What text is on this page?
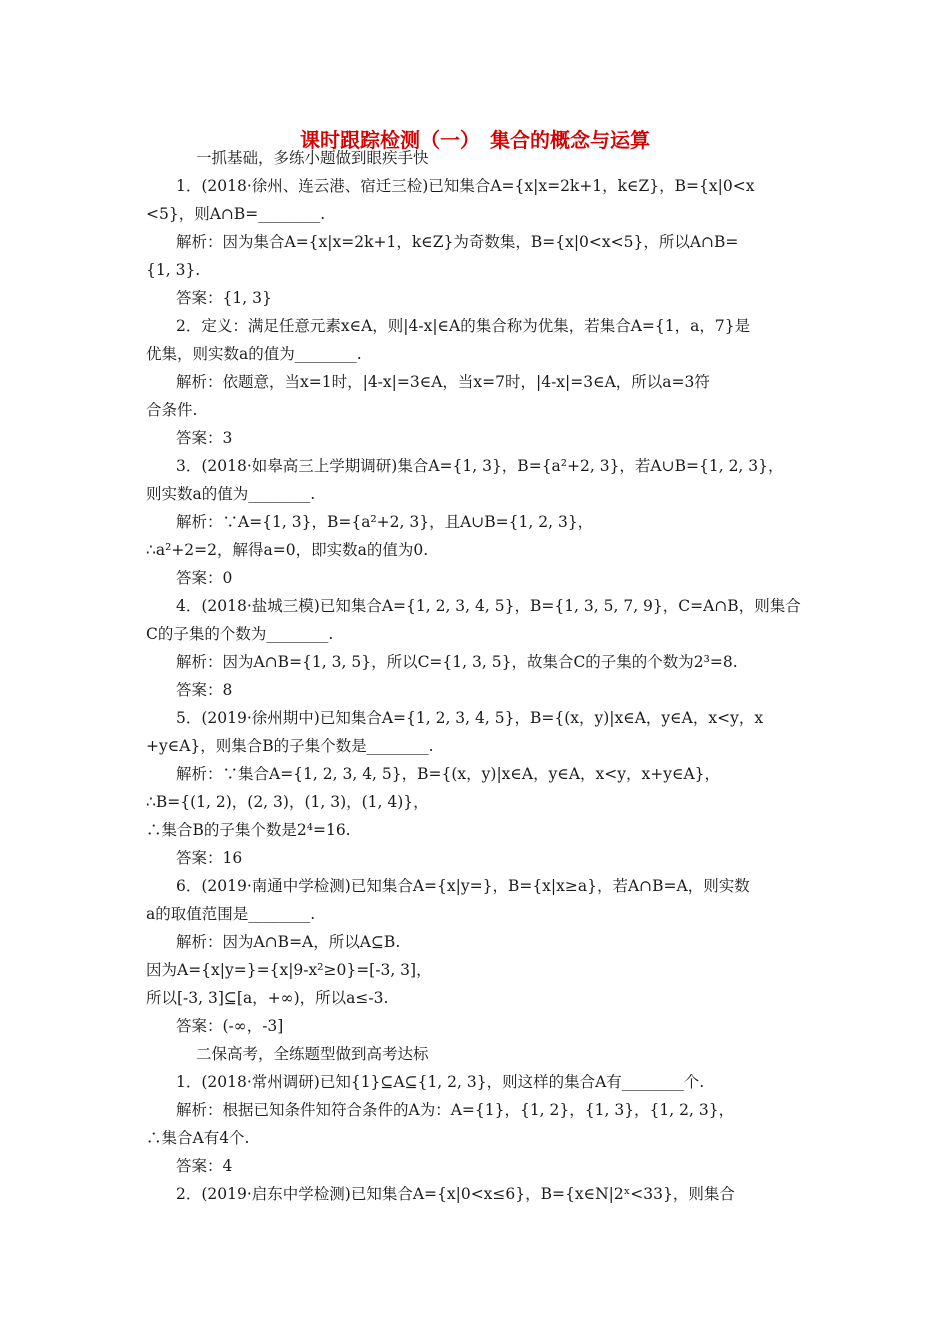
课时跟踪检测（一）　集合的概念与运算
一抓基础，多练小题做到眼疾手快
1．(2018·徐州、连云港、宿迁三检)已知集合A={x|x=2k+1，k∈Z}，B={x|0<x
<5}，则A∩B=________.
解析：因为集合A={x|x=2k+1，k∈Z}为奇数集，B={x|0<x<5}，所以A∩B=
{1, 3}.
答案：{1, 3}
2．定义：满足任意元素x∈A，则|4-x|∈A的集合称为优集，若集合A={1，a，7}是
优集，则实数a的值为________.
解析：依题意，当x=1时，|4-x|=3∈A，当x=7时，|4-x|=3∈A，所以a=3符
合条件.
答案：3
3．(2018·如皋高三上学期调研)集合A={1, 3}，B={a²+2, 3}，若A∪B={1, 2, 3}，
则实数a的值为________.
解析：∵A={1, 3}，B={a²+2, 3}，且A∪B={1, 2, 3}，
∴a²+2=2，解得a=0，即实数a的值为0.
答案：0
4．(2018·盐城三模)已知集合A={1, 2, 3, 4, 5}，B={1, 3, 5, 7, 9}，C=A∩B，则集合
C的子集的个数为________.
解析：因为A∩B={1, 3, 5}，所以C={1, 3, 5}，故集合C的子集的个数为2³=8.
答案：8
5．(2019·徐州期中)已知集合A={1, 2, 3, 4, 5}，B={(x，y)|x∈A，y∈A，x<y，x
+y∈A}，则集合B的子集个数是________.
解析：∵集合A={1, 2, 3, 4, 5}，B={(x，y)|x∈A，y∈A，x<y，x+y∈A}，
∴B={(1, 2)，(2, 3)，(1, 3)，(1, 4)}，
∴集合B的子集个数是2⁴=16.
答案：16
6．(2019·南通中学检测)已知集合A={x|y=}，B={x|x≥a}，若A∩B=A，则实数
a的取值范围是________.
解析：因为A∩B=A，所以A⊆B.
因为A={x|y=}={x|9-x²≥0}=[-3, 3]，
所以[-3, 3]⊆[a，+∞)，所以a≤-3.
答案：(-∞，-3]
二保高考，全练题型做到高考达标
1．(2018·常州调研)已知{1}⊆A⊆{1, 2, 3}，则这样的集合A有________个.
解析：根据已知条件知符合条件的A为：A={1}，{1, 2}，{1, 3}，{1, 2, 3}，
∴集合A有4个.
答案：4
2．(2019·启东中学检测)已知集合A={x|0<x≤6}，B={x∈N|2ˣ<33}，则集合
